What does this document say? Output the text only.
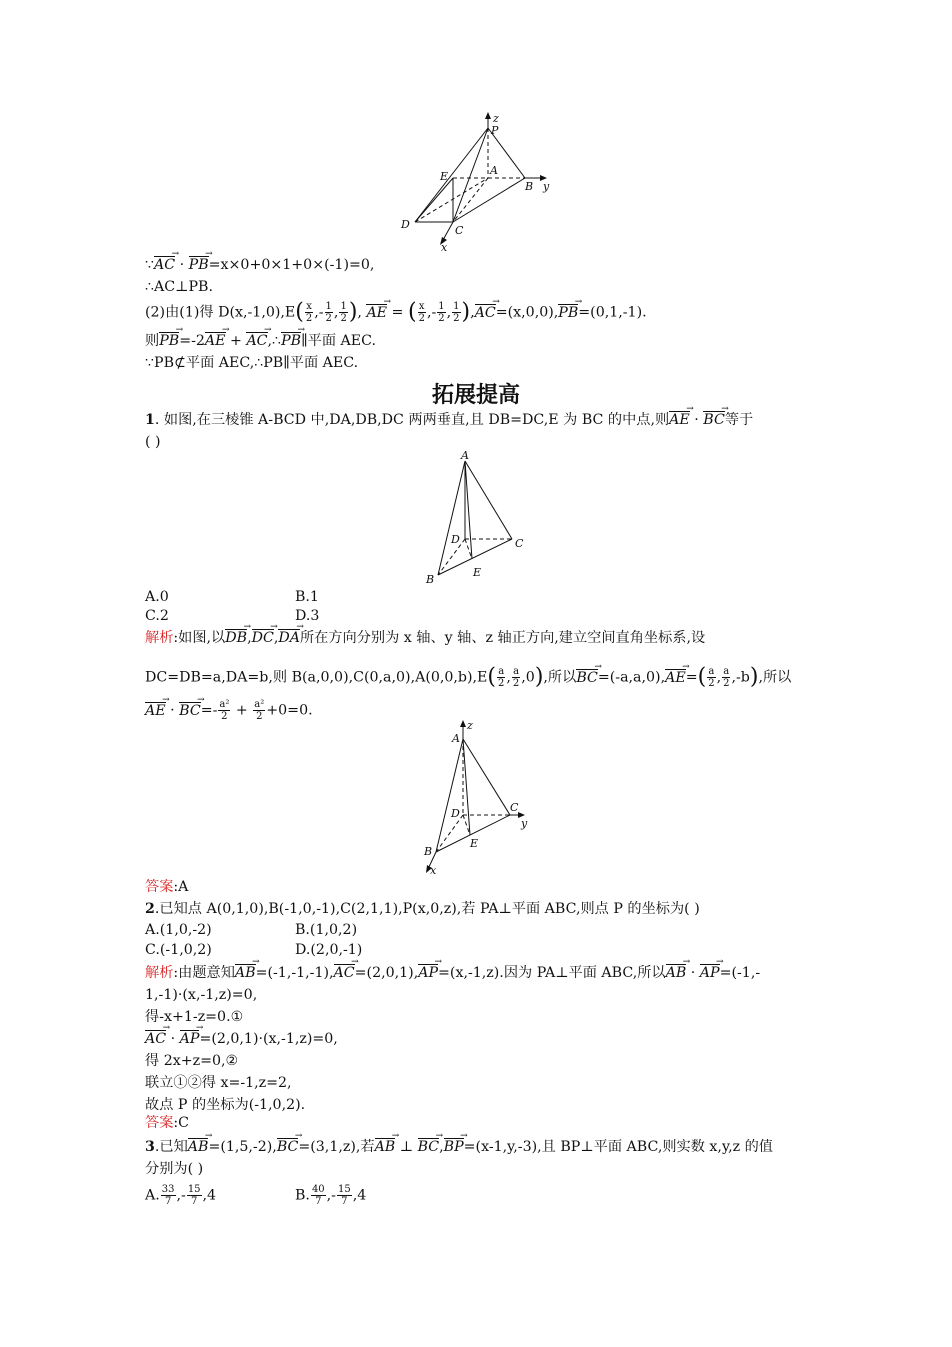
z
P
E	A
B y
D	C
x
∵AC → · PB →=x×0+0×1+0×(-1)=0,
∴AC⊥PB.
(2)由(1)得 $D(x,-1,0),E( \frac{x}{2}$ ,- $\frac{1}{2}$ , $\frac{1}{2}$ ), AE → = ( $\frac{x}{2}$ ,- $\frac{1}{2}$ , $\frac{1}{2} ),AC \to=(x,0,0),PB \to=(0,1,-1)$.
则PB →=-2AE → + AC →,∴PB →∥平面 AEC.
∵PB⊄平面 AEC,∴PB∥平面 AEC.
拓展提高
1. 如图,在三棱锥 A-BCD 中,DA,DB,DC 两两垂直,且 DB=DC,E 为 BC 的中点,则AE → · BC →等于
( )
A
D	C
B
E
A.0	B.1
C.2	D.3
解析:如图,以DB →,DC →,DA →所在方向分别为 x 轴、y 轴、z 轴正方向,建立空间直角坐标系,设
DC=DB=a,DA=b,则 $B(a,0,0),C(0,a,0),A(0,0,b),E( \frac{a}{2}$ , $\frac{a}{2} ,0$),所以BC →=(-a,a,0),AE →=( $\frac{a}{2}$ , $\frac{a}{2} ,-b$),所以
AE → · BC →=- $\frac{\text{a²}}{2} + \frac{\text{a²}}{2} +0=0$.
z
A
D	C
y
B
E
x
答案:A
2.已知点 A(0,1,0),B(-1,0,-1),C(2,1,1),P(x,0,z),若 PA⊥平面 ABC,则点 P 的坐标为( )
A.(1,0,-2)	B.(1,0,2)
C.(-1,0,2)	D.(2,0,-1)
解析:由题意知AB →=(-1,-1,-1),AC →=(2,0,1),AP →=(x,-1,z).因为 PA⊥平面 ABC,所以AB → · AP →=(-1,-
1,-1)·(x,-1,z)=0,
得-x+1-z=0.①
AC → · AP →=(2,0,1)·(x,-1,z)=0,
得 2x+z=0,②
联立①②得 x=-1,z=2,
故点 P 的坐标为(-1,0,2).
答案:C
3.已知AB →=(1,5,-2),BC →=(3,1,z),若AB → ⊥ BC →,BP →=(x-1,y,-3),且 BP⊥平面 ABC,则实数 x,y,z 的值
分别为( )
A. $\frac{33}{7}$ ,- $\frac{15}{7} ,4$	B. $\frac{40}{7}$ ,- $\frac{15}{7} ,4$
